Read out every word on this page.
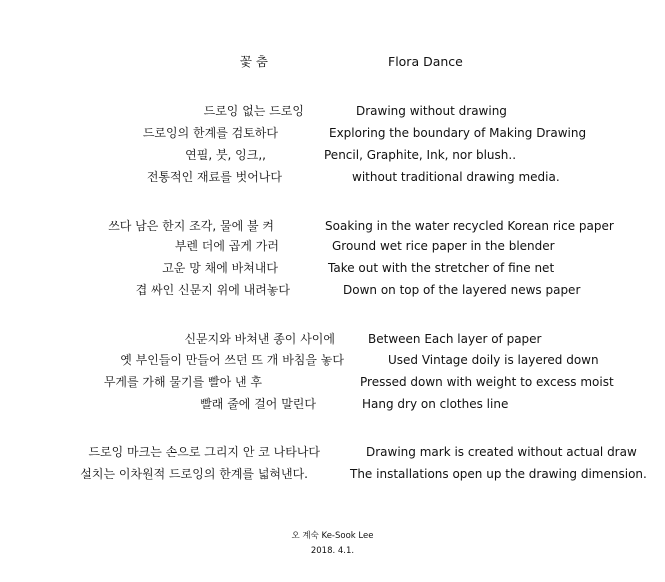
꽃 춤	Flora Dance
드로잉 없는 드로잉	Drawing without drawing
드로잉의 한계를 검토하다	Exploring the boundary of Making Drawing
연필, 붓, 잉크,,	Pencil, Graphite, Ink, nor blush..
전통적인 재료를 벗어나다	without traditional drawing media.
쓰다 남은 한지 조각, 물에 불 켜	Soaking in the water recycled Korean rice paper
부렌 더에 곱게 가러	Ground wet rice paper in the blender
고운 망 채에 바쳐내다	Take out with the stretcher of fine net
겹 싸인 신문지 위에 내려놓다	Down on top of the layered news paper
신문지와 바쳐낸 종이 사이에	Between Each layer of paper
옛 부인들이 만들어 쓰던 뜨 개 바침을 놓다	Used Vintage doily is layered down
무게를 가해 물기를 빨아 낸 후	Pressed down with weight to excess moist
빨래 줄에 걸어 말린다	Hang dry on clothes line
드로잉 마크는 손으로 그리지 안 코 나타나다	Drawing mark is created without actual draw
설치는 이차원적 드로잉의 한계를 넓혀낸다.	The installations open up the drawing dimension.
오 계숙 Ke-Sook Lee
2018. 4.1.
